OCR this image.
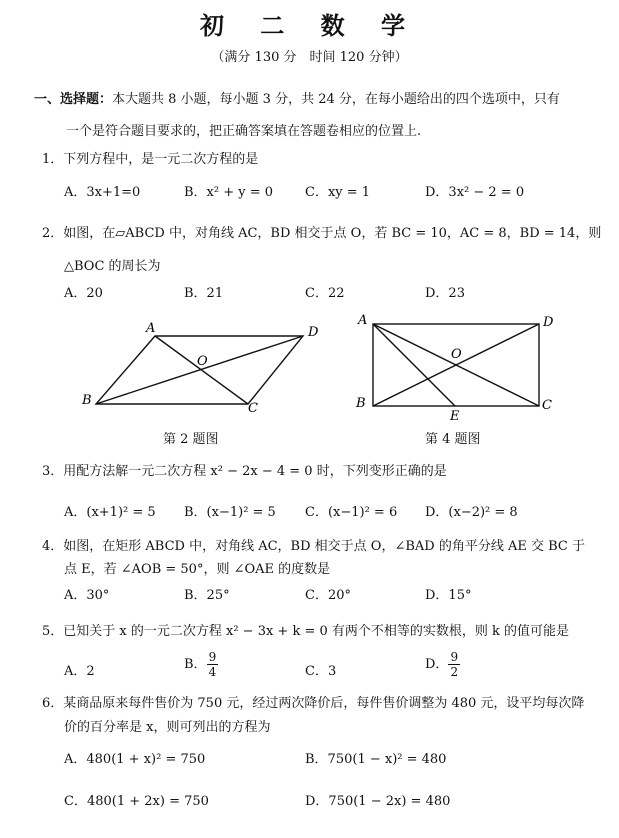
初 二 数 学
（满分 130 分　时间 120 分钟）
一、选择题：本大题共 8 小题，每小题 3 分，共 24 分，在每小题给出的四个选项中，只有
一个是符合题目要求的，把正确答案填在答题卷相应的位置上.
1．下列方程中，是一元二次方程的是
A．3x+1=0	B．x² + y = 0 C．xy = 1	D．3x² − 2 = 0
2．如图，在▱ABCD 中，对角线 AC，BD 相交于点 O，若 BC = 10，AC = 8，BD = 14，则
△BOC 的周长为
A．20	B．21	C．22	D．23
A	D
B
C
O
A	D
B	C
O
E
第 2 题图	第 4 题图
3．用配方法解一元二次方程 x² − 2x − 4 = 0 时，下列变形正确的是
A．(x+1)² = 5 B．(x−1)² = 5 C．(x−1)² = 6 D．(x−2)² = 8
4．如图，在矩形 ABCD 中，对角线 AC，BD 相交于点 O，∠BAD 的角平分线 AE 交 BC 于
点 E，若 ∠AOB = 50°，则 ∠OAE 的度数是
A．30°	B．25°	C．20°	D．15°
5．已知关于 x 的一元二次方程 x² − 3x + k = 0 有两个不相等的实数根，则 k 的值可能是
A．2	B． $\frac{9}{4}$	C．3	D． $\frac{9}{2}$
6．某商品原来每件售价为 750 元，经过两次降价后，每件售价调整为 480 元，设平均每次降
价的百分率是 x，则可列出的方程为
A．480(1 + x)² = 750	B．750(1 − x)² = 480
C．480(1 + 2x) = 750	D．750(1 − 2x) = 480
